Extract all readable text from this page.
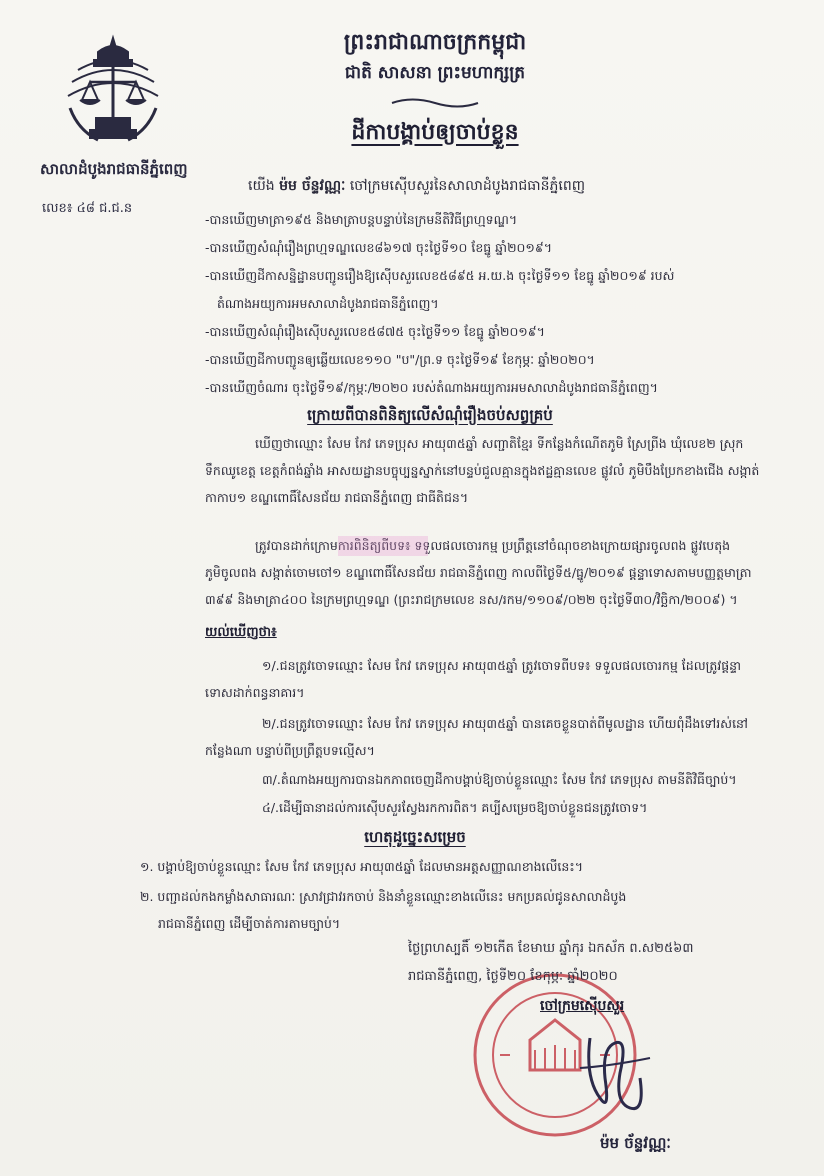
សាលាដំបូងរាជធានីភ្នំពេញ
លេខ៖ ៤៨ ជ.ជ.ន
ព្រះរាជាណាចក្រកម្ពុជា
ជាតិ សាសនា ព្រះមហាក្សត្រ
ដីកាបង្គាប់ឲ្យចាប់ខ្លួន
យើង ម៉ម ច័ន្ទវណ្ណៈ ចៅក្រមស៊ើបសួរនៃសាលាដំបូងរាជធានីភ្នំពេញ
-បានឃើញមាត្រា១៩៥ និងមាត្រាបន្តបន្ទាប់នៃក្រមនីតិវិធីព្រហ្មទណ្ឌ។
-បានឃើញសំណុំរឿងព្រហ្មទណ្ឌលេខ៨៦១៧ ចុះថ្ងៃទី១០ ខែធ្នូ ឆ្នាំ២០១៩។
-បានឃើញដីកាសន្និដ្ឋានបញ្ជូនរឿងឱ្យស៊ើបសួរលេខ៥៨៩៥ អ.យ.ង ចុះថ្ងៃទី១១ ខែធ្នូ ឆ្នាំ២០១៩ របស់
តំណាងអយ្យការអមសាលាដំបូងរាជធានីភ្នំពេញ។
-បានឃើញសំណុំរឿងស៊ើបសួរលេខ៥៨៧៥ ចុះថ្ងៃទី១១ ខែធ្នូ ឆ្នាំ២០១៩។
-បានឃើញដីកាបញ្ជូនឲ្យឆ្លើយលេខ១១០ "ប"/ព្រ.ទ ចុះថ្ងៃទី១៩ ខែកុម្ភៈ ឆ្នាំ២០២០។
-បានឃើញចំណារ ចុះថ្ងៃទី១៩/កុម្ភៈ/២០២០ របស់តំណាងអយ្យការអមសាលាដំបូងរាជធានីភ្នំពេញ។
ក្រោយពីបានពិនិត្យលើសំណុំរឿងចប់សព្វគ្រប់
ឃើញថាឈ្មោះ សែម កែវ ភេទប្រុស អាយុ៣៥ឆ្នាំ សញ្ជាតិខ្មែរ ទីកន្លែងកំណើតភូមិ ស្រែព្រីង ឃុំលេខ២ ស្រុក
ទឹកឈូខេត្ត ខេត្តកំពង់ឆ្នាំង អាសយដ្ឋានបច្ចុប្បន្នស្នាក់នៅបន្ទប់ជួលគ្មានក្នុងឥដ្ឋគ្មានលេខ ផ្លូវលំ ភូមិបឹងប្រែកខាងជើង សង្កាត់
កាកាប១ ខណ្ឌពោធិ៍សែនជ័យ រាជធានីភ្នំពេញ ជាធីតិជន។
ត្រូវបានដាក់ក្រោមការពិនិត្យពីបទ៖ ទទួលផលចោរកម្ម ប្រព្រឹត្តនៅចំណុចខាងក្រោយផ្សារចូលពង ផ្លូវបេតុង
ភូមិចូលពង សង្កាត់ចោមចៅ១ ខណ្ឌពោធិ៍សែនជ័យ រាជធានីភ្នំពេញ កាលពីថ្ងៃទី៥/ធ្នូ/២០១៩ ផ្ដន្ទាទោសតាមបញ្ញត្តមាត្រា
៣៩៩ និងមាត្រា៤០០ នៃក្រមព្រហ្មទណ្ឌ (ព្រះរាជក្រមលេខ នស/រកម/១១០៩/០២២ ចុះថ្ងៃទី៣០/វិច្ឆិកា/២០០៩) ។
យល់ឃើញថា៖
១/.ជនត្រូវចោទឈ្មោះ សែម កែវ ភេទប្រុស អាយុ៣៥ឆ្នាំ ត្រូវចោទពីបទ៖ ទទួលផលចោរកម្ម ដែលត្រូវផ្ដន្ទា
ទោសដាក់ពន្ធនាគារ។
២/.ជនត្រូវចោទឈ្មោះ សែម កែវ ភេទប្រុស អាយុ៣៥ឆ្នាំ បានគេចខ្លួនបាត់ពីមូលដ្ឋាន ហើយពុំដឹងទៅរស់នៅ
កន្លែងណា បន្ទាប់ពីប្រព្រឹត្តបទល្មើស។
៣/.តំណាងអយ្យការបានឯកភាពចេញដីកាបង្គាប់ឱ្យចាប់ខ្លួនឈ្មោះ សែម កែវ ភេទប្រុស តាមនីតិវិធីច្បាប់។
៤/.ដើម្បីធានាដល់ការស៊ើបសួរស្វែងរកការពិត។ គប្បីសម្រេចឱ្យចាប់ខ្លួនជនត្រូវចោទ។
ហេតុដូច្នេះសម្រេច
១. បង្គាប់ឱ្យចាប់ខ្លួនឈ្មោះ សែម កែវ ភេទប្រុស អាយុ៣៥ឆ្នាំ ដែលមានអត្តសញ្ញាណខាងលើនេះ។
២. បញ្ជាដល់កងកម្លាំងសាធារណៈ ស្រាវជ្រាវរកចាប់ និងនាំខ្លួនឈ្មោះខាងលើនេះ មកប្រគល់ជូនសាលាដំបូង
រាជធានីភ្នំពេញ ដើម្បីចាត់ការតាមច្បាប់។
ថ្ងៃព្រហស្បតិ៍ ១២កើត ខែមាឃ ឆ្នាំកុរ ឯកស័ក ព.ស២៥៦៣
រាជធានីភ្នំពេញ, ថ្ងៃទី២០ ខែកុម្ភៈ ឆ្នាំ២០២០
ចៅក្រមស៊ើបសួរ
ម៉ម ច័ន្ទវណ្ណៈ
